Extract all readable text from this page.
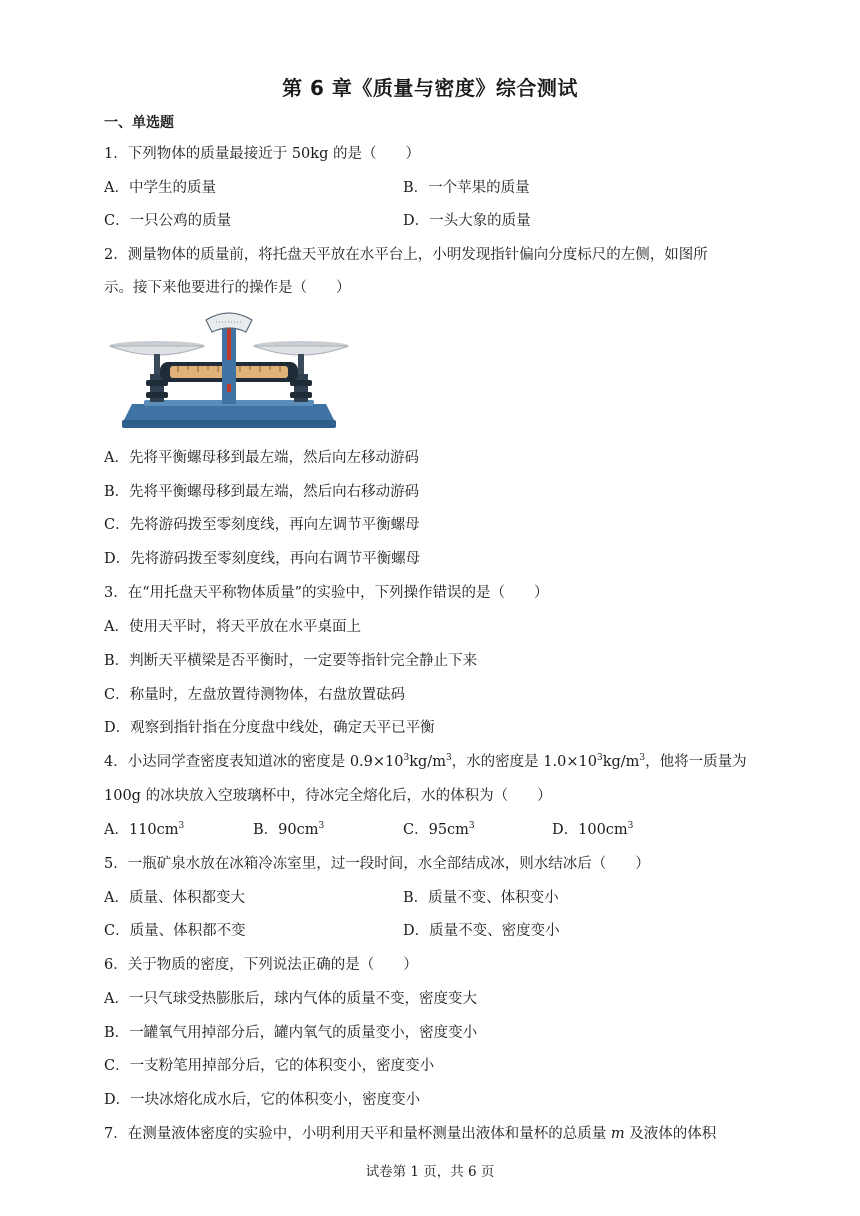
第 6 章《质量与密度》综合测试
一、单选题
1．下列物体的质量最接近于 50kg 的是（　　）
A．中学生的质量	B．一个苹果的质量
C．一只公鸡的质量	D．一头大象的质量
2．测量物体的质量前，将托盘天平放在水平台上，小明发现指针偏向分度标尺的左侧，如图所
示。接下来他要进行的操作是（　　）
A．先将平衡螺母移到最左端，然后向左移动游码
B．先将平衡螺母移到最左端，然后向右移动游码
C．先将游码拨至零刻度线，再向左调节平衡螺母
D．先将游码拨至零刻度线，再向右调节平衡螺母
3．在“用托盘天平称物体质量”的实验中，下列操作错误的是（　　）
A．使用天平时，将天平放在水平桌面上
B．判断天平横梁是否平衡时，一定要等指针完全静止下来
C．称量时，左盘放置待测物体，右盘放置砝码
D．观察到指针指在分度盘中线处，确定天平已平衡
4．小达同学查密度表知道冰的密度是 $0.9\times 10^3kg/m^3$，水的密度是 $1.0\times 10^3kg/m^3$，他将一质量为
100g 的冰块放入空玻璃杯中，待冰完全熔化后，水的体积为（　　）
A．$110cm^3$	B．$90cm^3$	C．$95cm^3$	D．$100cm^3$
5．一瓶矿泉水放在冰箱冷冻室里，过一段时间，水全部结成冰，则水结冰后（　　）
A．质量、体积都变大	B．质量不变、体积变小
C．质量、体积都不变	D．质量不变、密度变小
6．关于物质的密度，下列说法正确的是（　　）
A．一只气球受热膨胀后，球内气体的质量不变，密度变大
B．一罐氧气用掉部分后，罐内氧气的质量变小，密度变小
C．一支粉笔用掉部分后，它的体积变小，密度变小
D．一块冰熔化成水后，它的体积变小，密度变小
7．在测量液体密度的实验中，小明利用天平和量杯测量出液体和量杯的总质量 m 及液体的体积
试卷第 1 页，共 6 页
